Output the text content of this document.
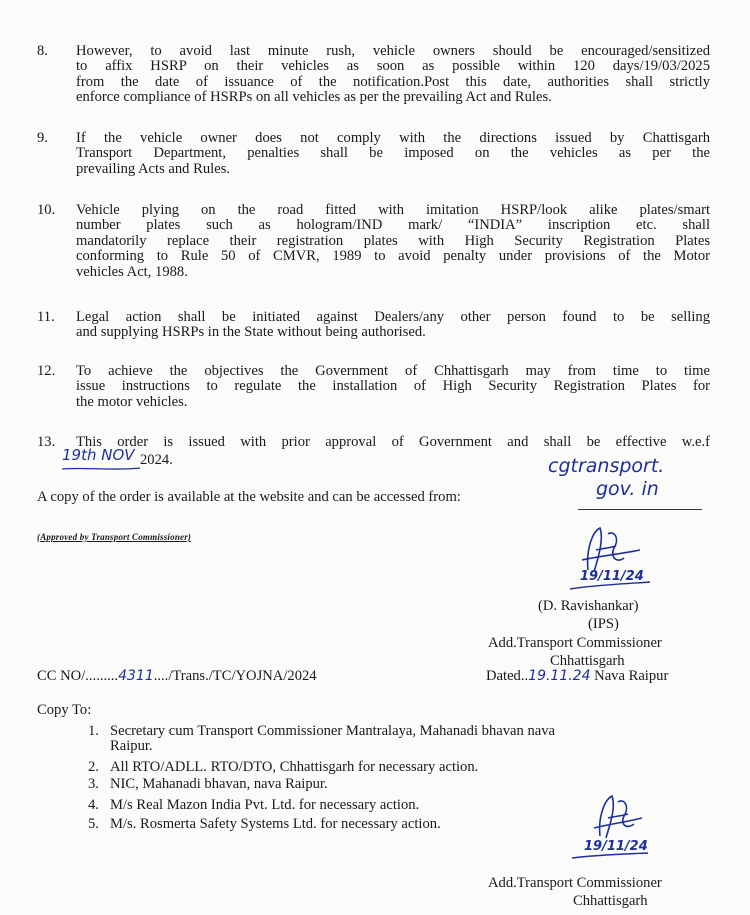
8. However, to avoid last minute rush, vehicle owners should be encouraged/sensitized
to affix HSRP on their vehicles as soon as possible within 120 days/19/03/2025
from the date of issuance of the notification.Post this date, authorities shall strictly
enforce compliance of HSRPs on all vehicles as per the prevailing Act and Rules.
9. If the vehicle owner does not comply with the directions issued by Chattisgarh
Transport Department, penalties shall be imposed on the vehicles as per the
prevailing Acts and Rules.
10. Vehicle plying on the road fitted with imitation HSRP/look alike plates/smart
number plates such as hologram/IND mark/ “INDIA” inscription etc. shall
mandatorily replace their registration plates with High Security Registration Plates
conforming to Rule 50 of CMVR, 1989 to avoid penalty under provisions of the Motor
vehicles Act, 1988.
11. Legal action shall be initiated against Dealers/any other person found to be selling
and supplying HSRPs in the State without being authorised.
12. To achieve the objectives the Government of Chhattisgarh may from time to time
issue instructions to regulate the installation of High Security Registration Plates for
the motor vehicles.
13. This order is issued with prior approval of Government and shall be effective w.e.f
19th NOV 2024.	cgtransport.
gov. in
A copy of the order is available at the website and can be accessed from:
(Approved by Transport Commissioner)
19/11/24
(D. Ravishankar)
(IPS)
Add.Transport Commissioner
Chhattisgarh
CC NO/.........4311..../Trans./TC/YOJNA/2024	Dated..19.11.24 Nava Raipur
Copy To:
1. Secretary cum Transport Commissioner Mantralaya, Mahanadi bhavan nava
Raipur.
2. All RTO/ADLL. RTO/DTO, Chhattisgarh for necessary action.
3. NIC, Mahanadi bhavan, nava Raipur.
4. M/s Real Mazon India Pvt. Ltd. for necessary action.
5. M/s. Rosmerta Safety Systems Ltd. for necessary action.
19/11/24
Add.Transport Commissioner
Chhattisgarh
